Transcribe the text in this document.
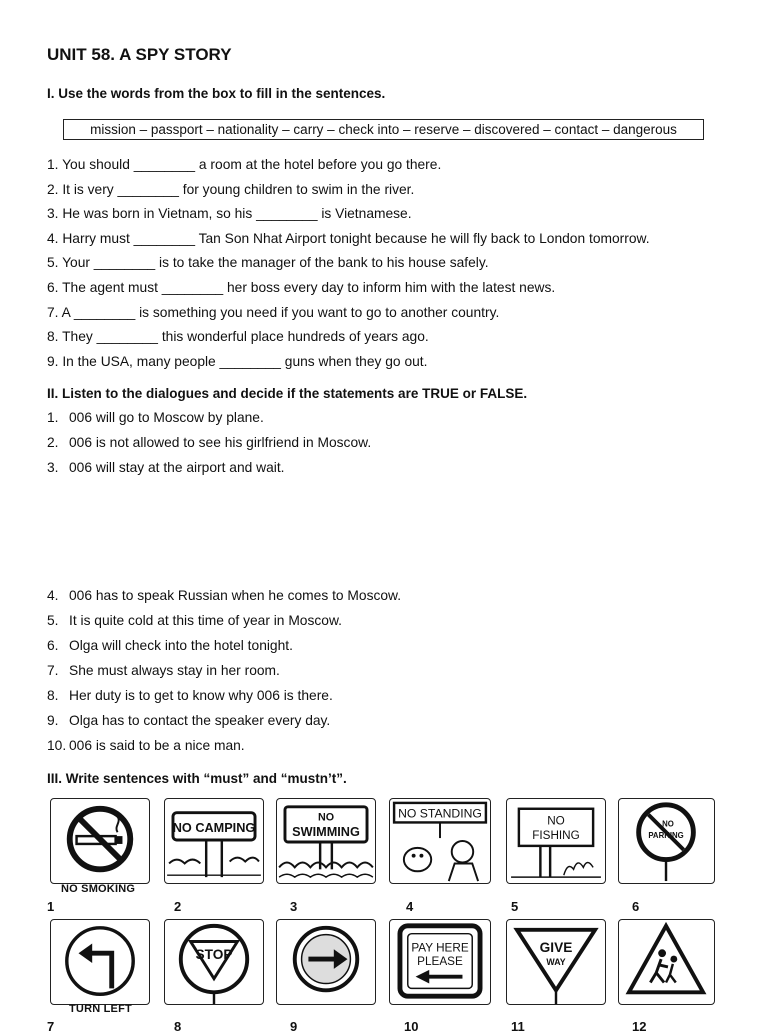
UNIT 58. A SPY STORY
I. Use the words from the box to fill in the sentences.
mission – passport – nationality – carry – check into – reserve – discovered – contact – dangerous
1. You should ________ a room at the hotel before you go there.
2. It is very ________ for young children to swim in the river.
3. He was born in Vietnam, so his ________ is Vietnamese.
4. Harry must ________ Tan Son Nhat Airport tonight because he will fly back to London tomorrow.
5. Your ________ is to take the manager of the bank to his house safely.
6. The agent must ________ her boss every day to inform him with the latest news.
7. A ________ is something you need if you want to go to another country.
8. They ________ this wonderful place hundreds of years ago.
9. In the USA, many people ________ guns when they go out.
II. Listen to the dialogues and decide if the statements are TRUE or FALSE.
1. 006 will go to Moscow by plane.
2. 006 is not allowed to see his girlfriend in Moscow.
3. 006 will stay at the airport and wait.
4. 006 has to speak Russian when he comes to Moscow.
5. It is quite cold at this time of year in Moscow.
6. Olga will check into the hotel tonight.
7. She must always stay in her room.
8. Her duty is to get to know why 006 is there.
9. Olga has to contact the speaker every day.
10. 006 is said to be a nice man.
III. Write sentences with “must” and “mustn’t”.
NO SMOKING
1
NO CAMPING
2
NO
SWIMMING
3
NO STANDING
4
NO
FISHING
5
NO
PARKING
6
TURN LEFT
7
STOP
8	9
PAY HERE
PLEASE
10
GIVE
WAY
11	12
